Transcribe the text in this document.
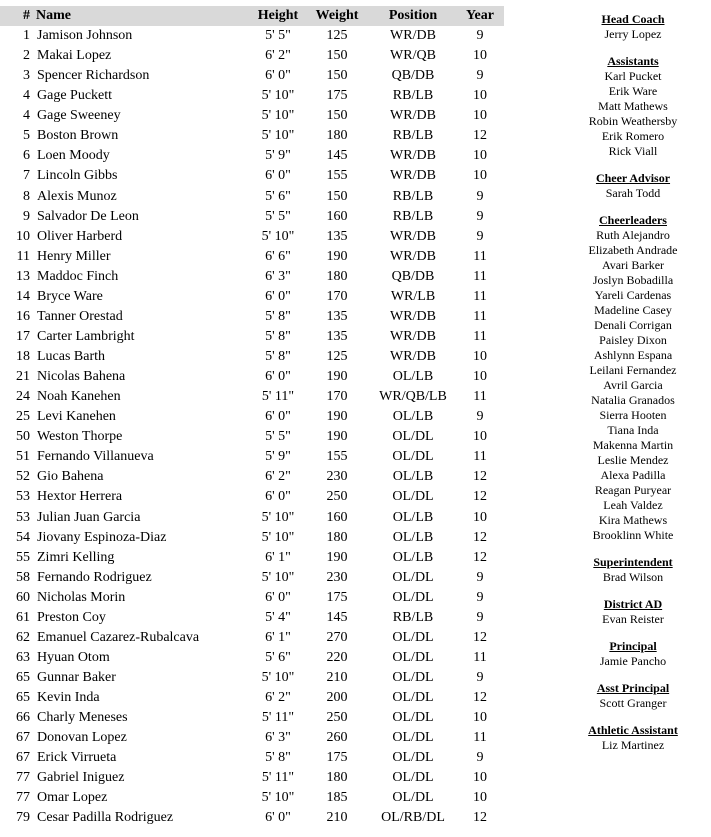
# Name	Height	Weight	Position	Year
1 Jamison Johnson	5' 5"	125	WR/DB	9
2 Makai Lopez	6' 2"	150	WR/QB	10
3 Spencer Richardson	6' 0"	150	QB/DB	9
4 Gage Puckett	5' 10"	175	RB/LB	10
4 Gage Sweeney	5' 10"	150	WR/DB	10
5 Boston Brown	5' 10"	180	RB/LB	12
6 Loen Moody	5' 9"	145	WR/DB	10
7 Lincoln Gibbs	6' 0"	155	WR/DB	10
8 Alexis Munoz	5' 6"	150	RB/LB	9
9 Salvador De Leon	5' 5"	160	RB/LB	9
10 Oliver Harberd	5' 10"	135	WR/DB	9
11 Henry Miller	6' 6"	190	WR/DB	11
13 Maddoc Finch	6' 3"	180	QB/DB	11
14 Bryce Ware	6' 0"	170	WR/LB	11
16 Tanner Orestad	5' 8"	135	WR/DB	11
17 Carter Lambright	5' 8"	135	WR/DB	11
18 Lucas Barth	5' 8"	125	WR/DB	10
21 Nicolas Bahena	6' 0"	190	OL/LB	10
24 Noah Kanehen	5' 11"	170	WR/QB/LB	11
25 Levi Kanehen	6' 0"	190	OL/LB	9
50 Weston Thorpe	5' 5"	190	OL/DL	10
51 Fernando Villanueva	5' 9"	155	OL/DL	11
52 Gio Bahena	6' 2"	230	OL/LB	12
53 Hextor Herrera	6' 0"	250	OL/DL	12
53 Julian Juan Garcia	5' 10"	160	OL/LB	10
54 Jiovany Espinoza-Diaz	5' 10"	180	OL/LB	12
55 Zimri Kelling	6' 1"	190	OL/LB	12
58 Fernando Rodriguez	5' 10"	230	OL/DL	9
60 Nicholas Morin	6' 0"	175	OL/DL	9
61 Preston Coy	5' 4"	145	RB/LB	9
62 Emanuel Cazarez-Rubalcava	6' 1"	270	OL/DL	12
63 Hyuan Otom	5' 6"	220	OL/DL	11
65 Gunnar Baker	5' 10"	210	OL/DL	9
65 Kevin Inda	6' 2"	200	OL/DL	12
66 Charly Meneses	5' 11"	250	OL/DL	10
67 Donovan Lopez	6' 3"	260	OL/DL	11
67 Erick Virrueta	5' 8"	175	OL/DL	9
77 Gabriel Iniguez	5' 11"	180	OL/DL	10
77 Omar Lopez	5' 10"	185	OL/DL	10
79 Cesar Padilla Rodriguez	6' 0"	210	OL/RB/DL	12
Head Coach
Jerry Lopez
Assistants
Karl Pucket
Erik Ware
Matt Mathews
Robin Weathersby
Erik Romero
Rick Viall
Cheer Advisor
Sarah Todd
Cheerleaders
Ruth Alejandro
Elizabeth Andrade
Avari Barker
Joslyn Bobadilla
Yareli Cardenas
Madeline Casey
Denali Corrigan
Paisley Dixon
Ashlynn Espana
Leilani Fernandez
Avril Garcia
Natalia Granados
Sierra Hooten
Tiana Inda
Makenna Martin
Leslie Mendez
Alexa Padilla
Reagan Puryear
Leah Valdez
Kira Mathews
Brooklinn White
Superintendent
Brad Wilson
District AD
Evan Reister
Principal
Jamie Pancho
Asst Principal
Scott Granger
Athletic Assistant
Liz Martinez
